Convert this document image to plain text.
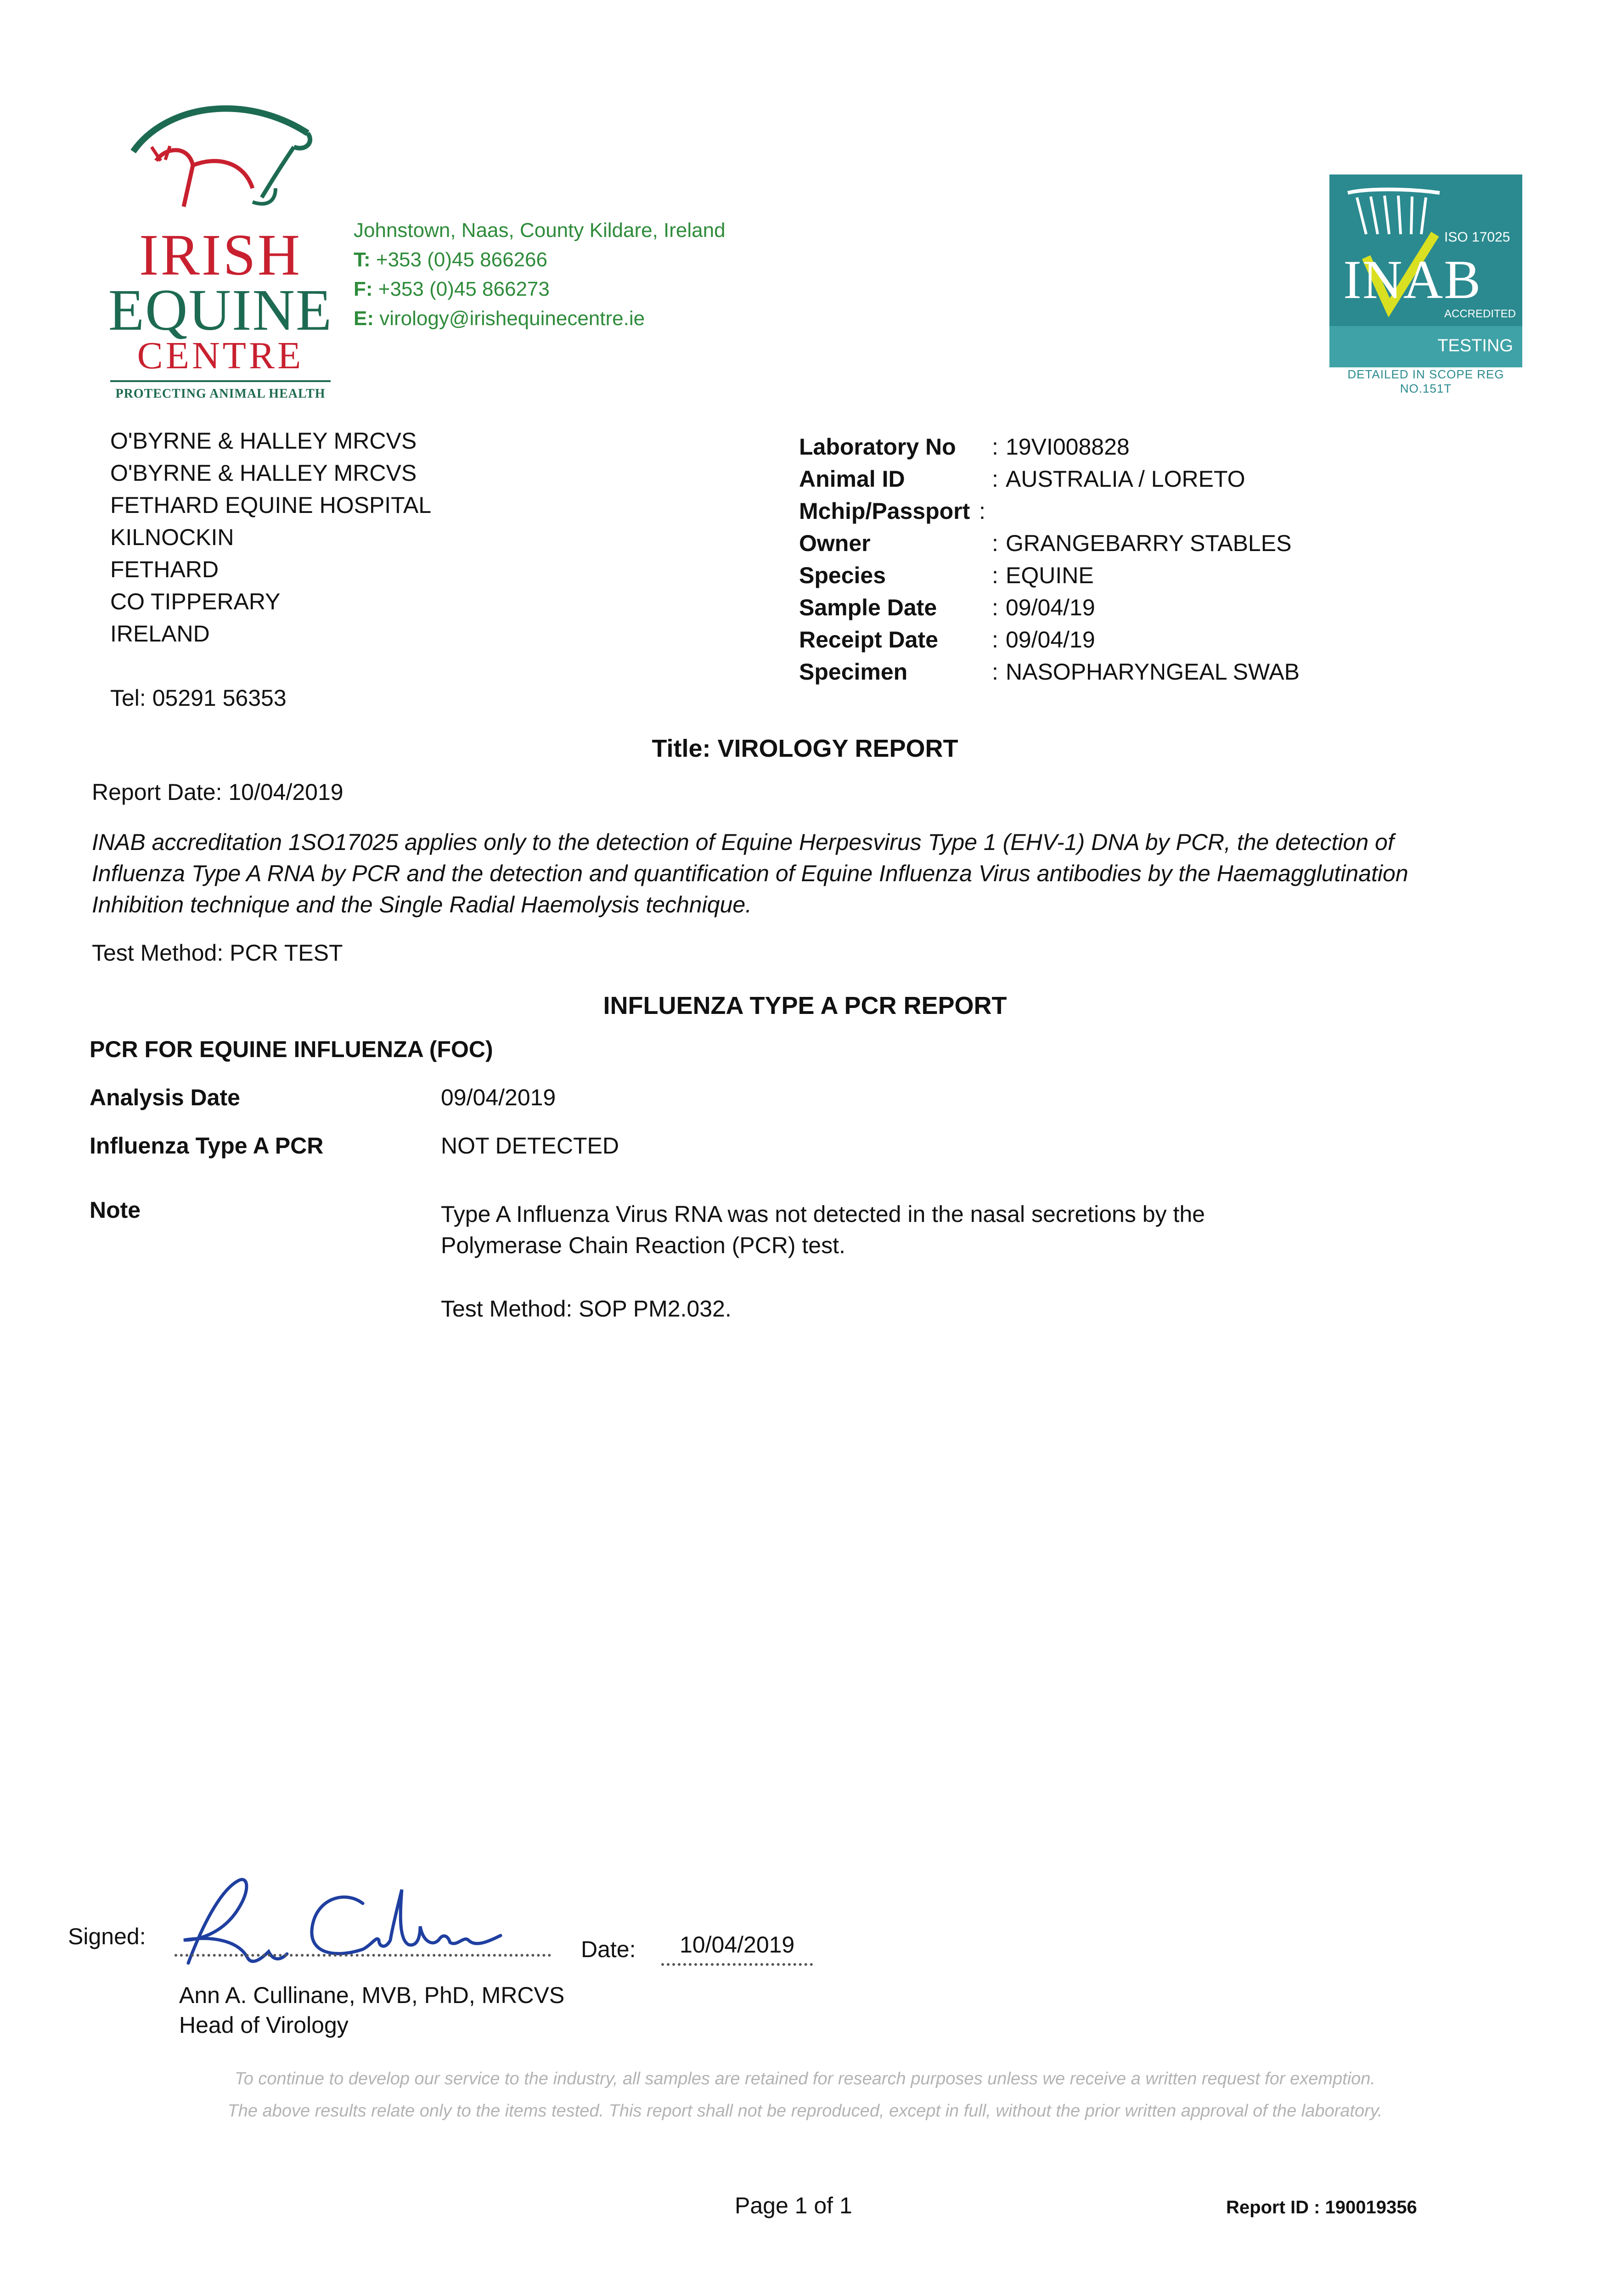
IRISH
EQUINE
CENTRE
PROTECTING ANIMAL HEALTH
Johnstown, Naas, County Kildare, Ireland
T: +353 (0)45 866266
F: +353 (0)45 866273
E: virology@irishequinecentre.ie
ISO 17025
INAB
ACCREDITED
TESTING
DETAILED IN SCOPE REG NO.151T
O'BYRNE & HALLEY MRCVS
O'BYRNE & HALLEY MRCVS
FETHARD EQUINE HOSPITAL
KILNOCKIN
FETHARD
CO TIPPERARY
IRELAND
Tel: 05291 56353
Laboratory No : 19VI008828
Animal ID	: AUSTRALIA / LORETO
Mchip/Passport :
Owner	: GRANGEBARRY STABLES
Species	: EQUINE
Sample Date : 09/04/19
Receipt Date : 09/04/19
Specimen	: NASOPHARYNGEAL SWAB
Title: VIROLOGY REPORT
Report Date: 10/04/2019
INAB accreditation 1SO17025 applies only to the detection of Equine Herpesvirus Type 1 (EHV-1) DNA by PCR, the detection of Influenza Type A RNA by PCR and the detection and quantification of Equine Influenza Virus antibodies by the Haemagglutination Inhibition technique and the Single Radial Haemolysis technique.
Test Method: PCR TEST
INFLUENZA TYPE A PCR REPORT
PCR FOR EQUINE INFLUENZA (FOC)
Analysis Date	09/04/2019
Influenza Type A PCR	NOT DETECTED
Note	Type A Influenza Virus RNA was not detected in the nasal secretions by the Polymerase Chain Reaction (PCR) test.
Test Method: SOP PM2.032.
Signed:	Date: 10/04/2019
Ann A. Cullinane, MVB, PhD, MRCVS
Head of Virology
To continue to develop our service to the industry, all samples are retained for research purposes unless we receive a written request for exemption.
The above results relate only to the items tested. This report shall not be reproduced, except in full, without the prior written approval of the laboratory.
Page 1 of 1	Report ID : 190019356
